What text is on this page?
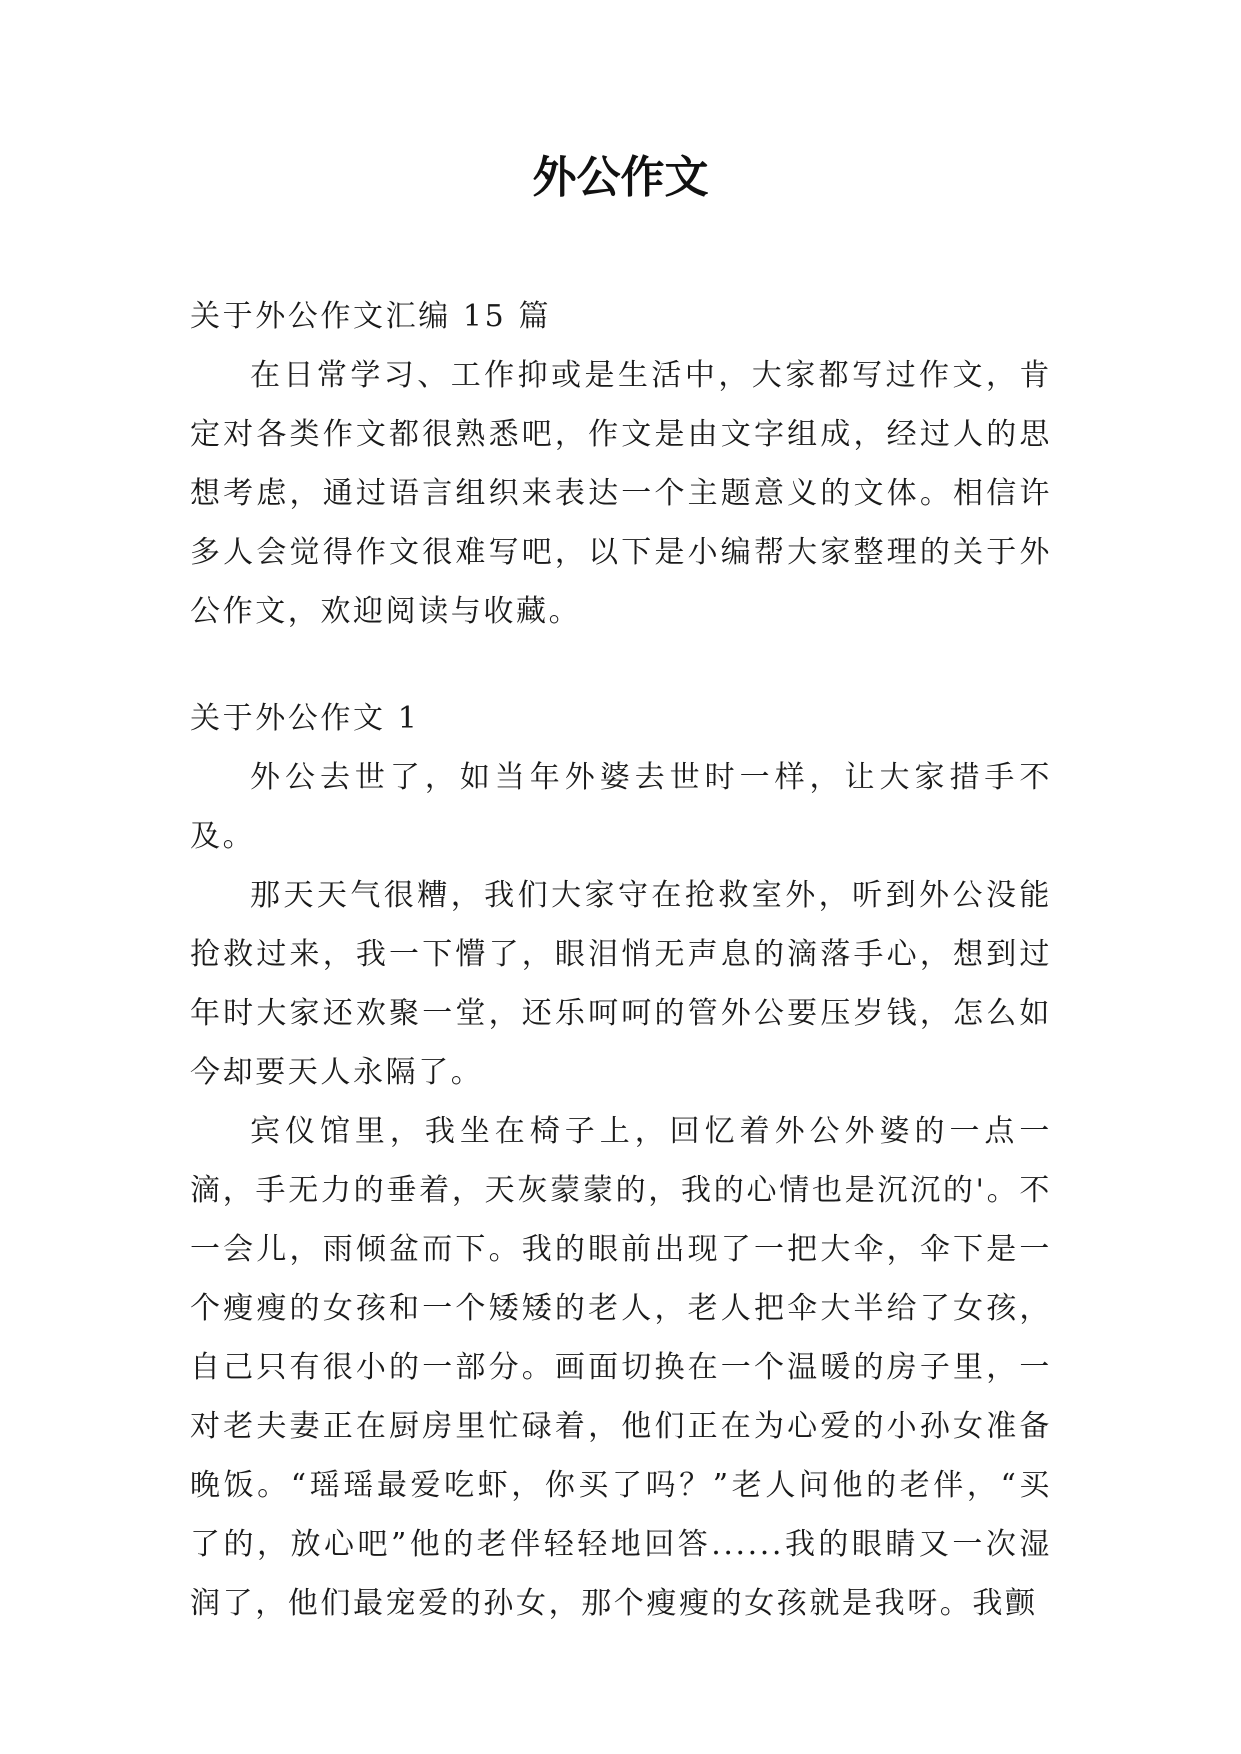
外公作文
关于外公作文汇编 15 篇

在日常学习、工作抑或是生活中，大家都写过作文，肯定对各类作文都很熟悉吧，作文是由文字组成，经过人的思想考虑，通过语言组织来表达一个主题意义的文体。相信许多人会觉得作文很难写吧，以下是小编帮大家整理的关于外公作文，欢迎阅读与收藏。

关于外公作文 1

外公去世了，如当年外婆去世时一样，让大家措手不及。

那天天气很糟，我们大家守在抢救室外，听到外公没能抢救过来，我一下懵了，眼泪悄无声息的滴落手心，想到过年时大家还欢聚一堂，还乐呵呵的管外公要压岁钱，怎么如今却要天人永隔了。

宾仪馆里，我坐在椅子上，回忆着外公外婆的一点一滴，手无力的垂着，天灰蒙蒙的，我的心情也是沉沉的'。不一会儿，雨倾盆而下。我的眼前出现了一把大伞，伞下是一个瘦瘦的女孩和一个矮矮的老人，老人把伞大半给了女孩，自己只有很小的一部分。画面切换在一个温暖的房子里，一对老夫妻正在厨房里忙碌着，他们正在为心爱的小孙女准备晚饭。“瑶瑶最爱吃虾，你买了吗？”老人问他的老伴，“买了的，放心吧”他的老伴轻轻地回答......我的眼睛又一次湿润了，他们最宠爱的孙女，那个瘦瘦的女孩就是我呀。我颤
